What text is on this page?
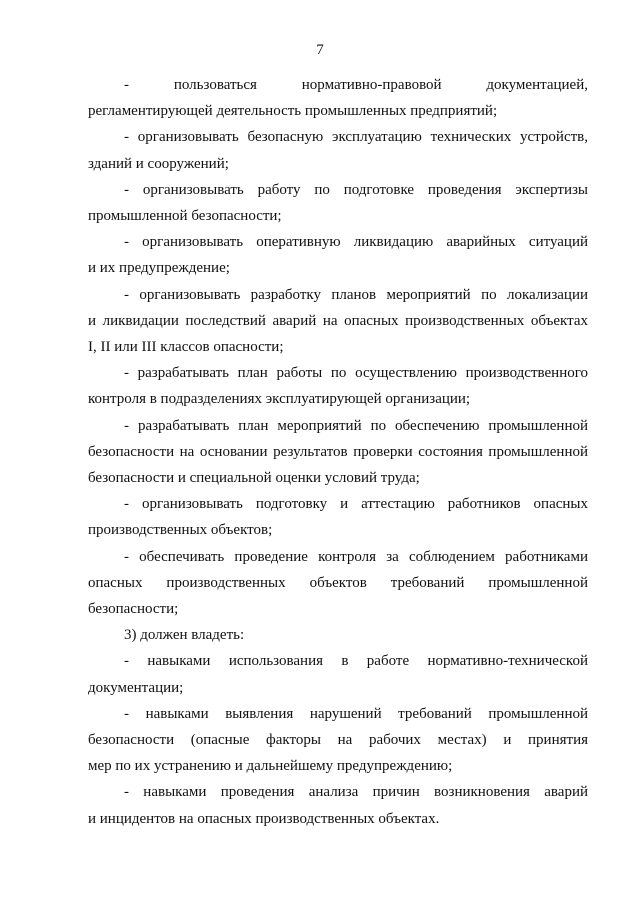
7
- пользоваться нормативно-правовой документацией,
регламентирующей деятельность промышленных предприятий;
- организовывать безопасную эксплуатацию технических устройств,
зданий и сооружений;
- организовывать работу по подготовке проведения экспертизы
промышленной безопасности;
- организовывать оперативную ликвидацию аварийных ситуаций
и их предупреждение;
- организовывать разработку планов мероприятий по локализации
и ликвидации последствий аварий на опасных производственных объектах
I, II или III классов опасности;
- разрабатывать план работы по осуществлению производственного
контроля в подразделениях эксплуатирующей организации;
- разрабатывать план мероприятий по обеспечению промышленной
безопасности на основании результатов проверки состояния промышленной
безопасности и специальной оценки условий труда;
- организовывать подготовку и аттестацию работников опасных
производственных объектов;
- обеспечивать проведение контроля за соблюдением работниками
опасных производственных объектов требований промышленной
безопасности;
3) должен владеть:
- навыками использования в работе нормативно-технической
документации;
- навыками выявления нарушений требований промышленной
безопасности (опасные факторы на рабочих местах) и принятия
мер по их устранению и дальнейшему предупреждению;
- навыками проведения анализа причин возникновения аварий
и инцидентов на опасных производственных объектах.
